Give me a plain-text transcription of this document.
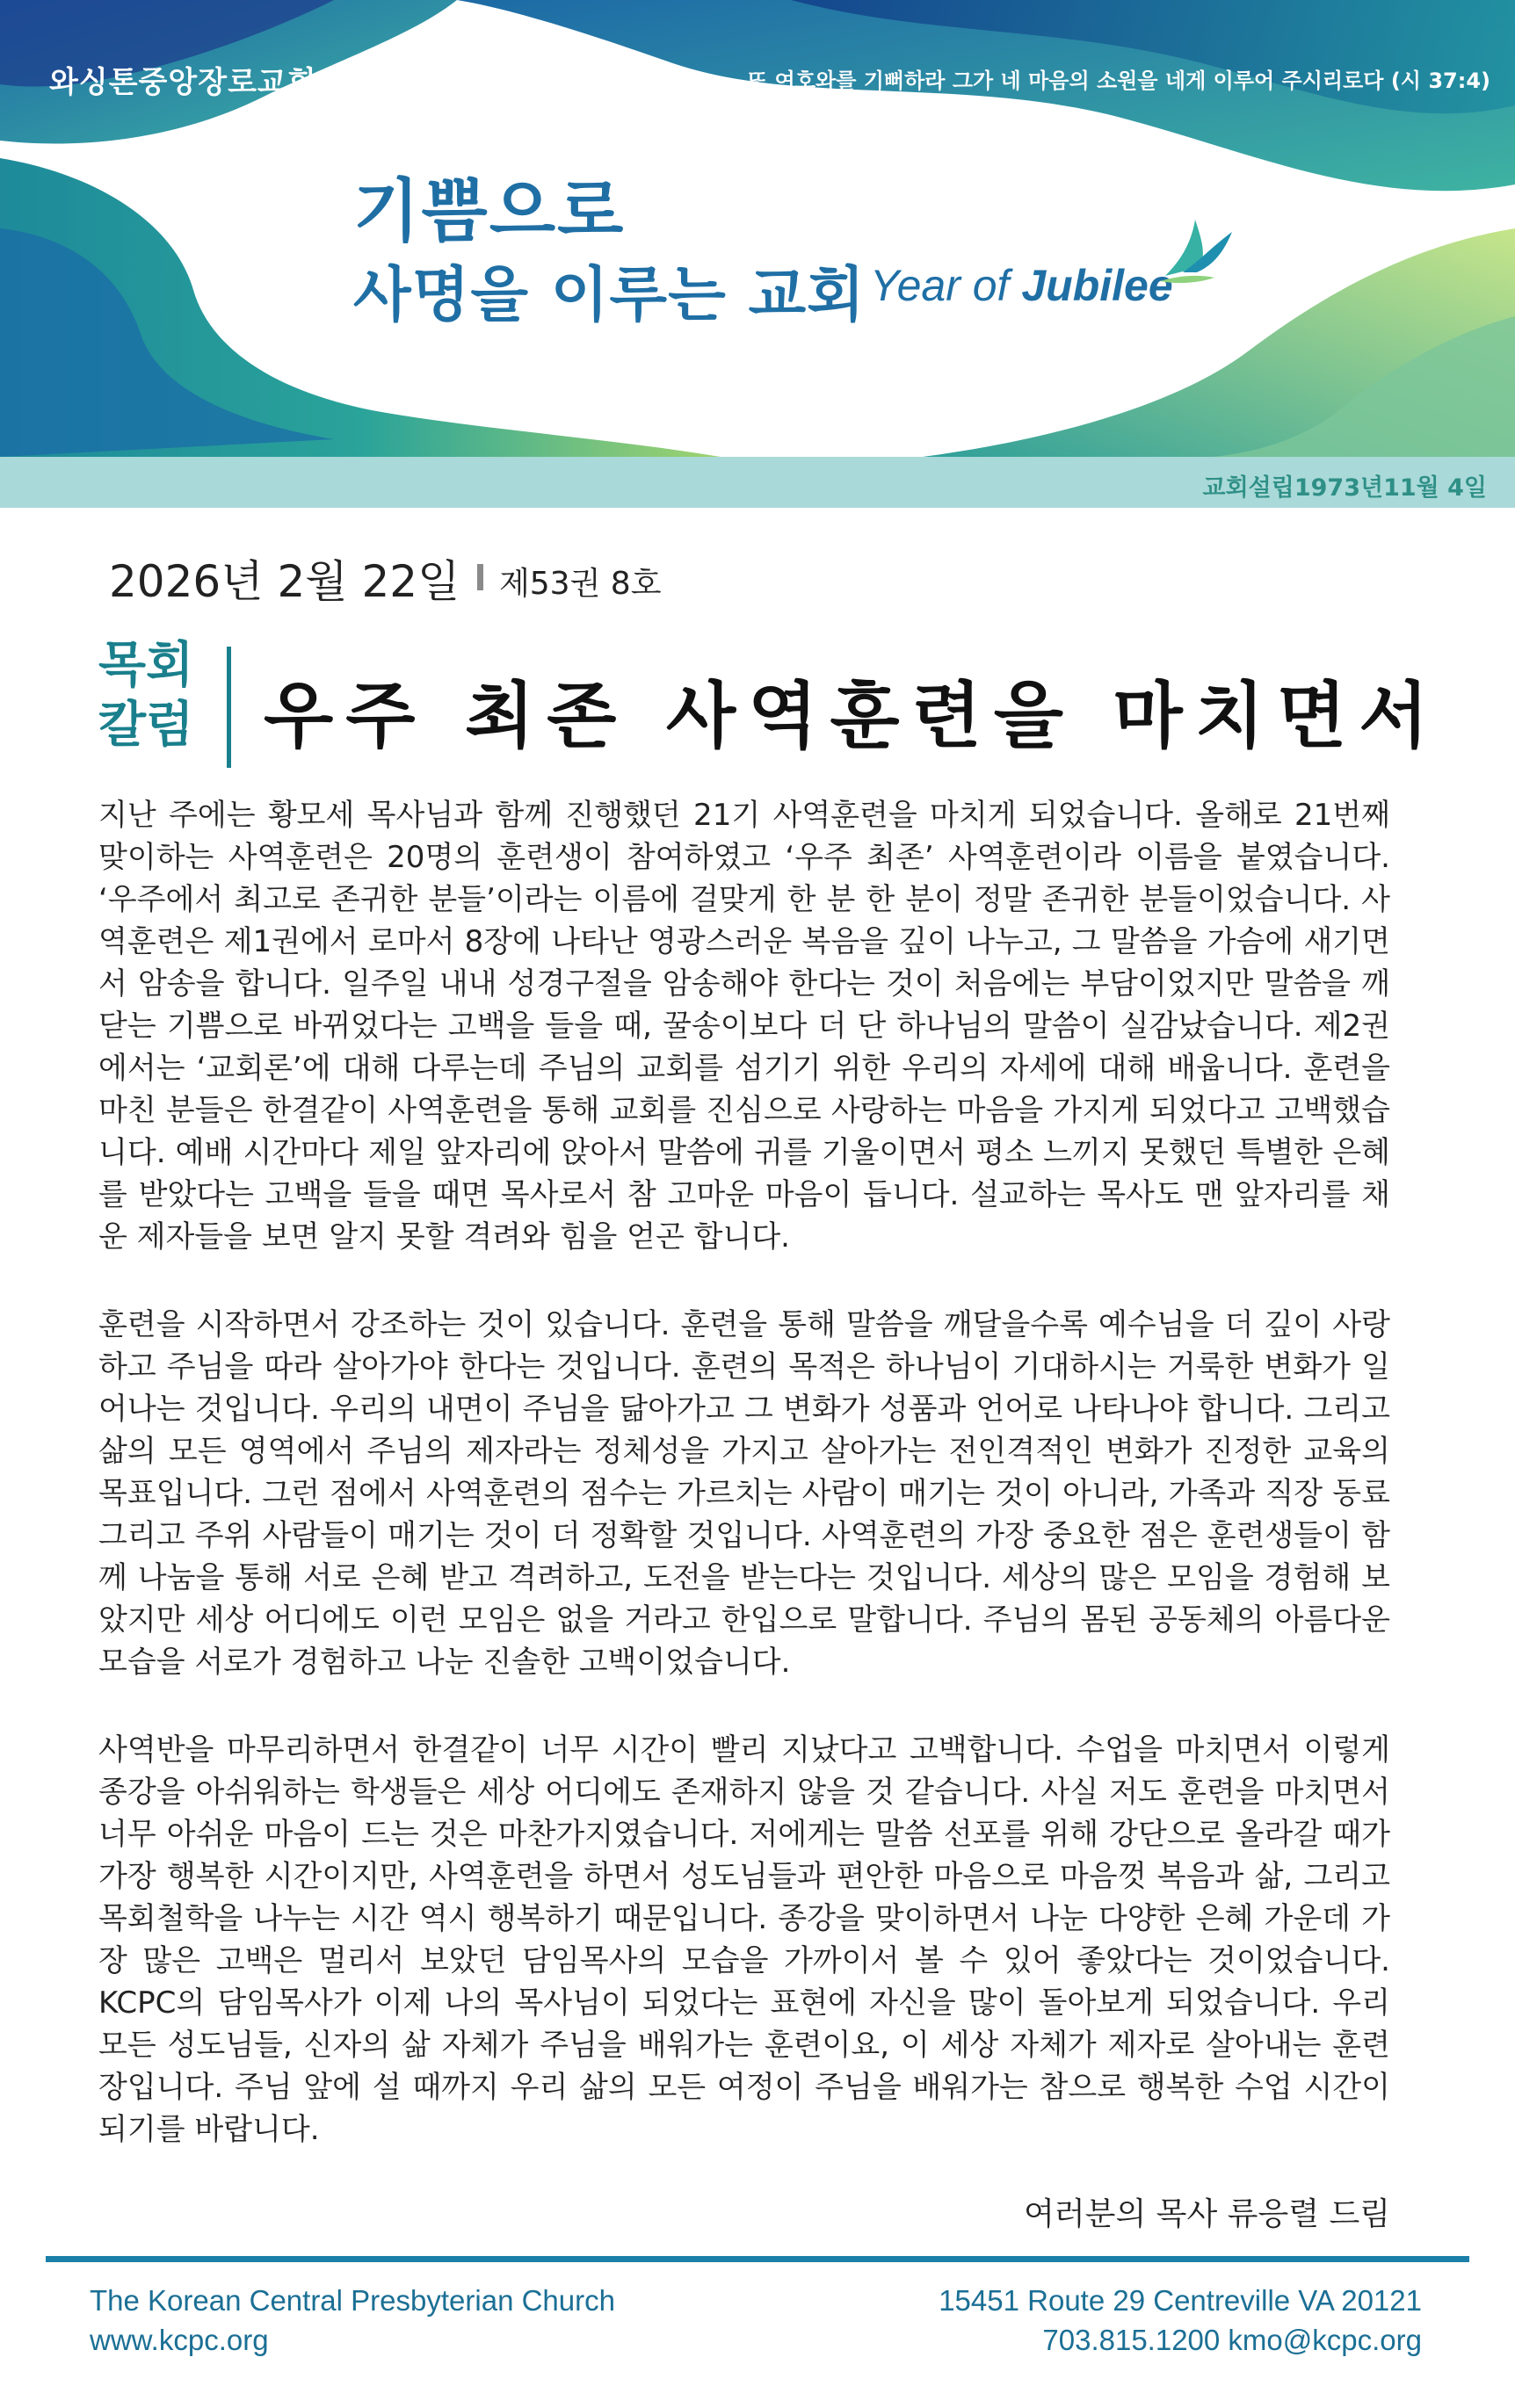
와싱톤중앙장로교회	또 여호와를 기뻐하라 그가 네 마음의 소원을 네게 이루어 주시리로다 (시 37:4)
기쁨으로
사명을 이루는 교회 Year of Jubilee
교회설립1973년11월 4일
2026년 2월 22일 제53권 8호
목회
칼럼 우주 최존 사역훈련을 마치면서

지난 주에는 황모세 목사님과 함께 진행했던 21기 사역훈련을 마치게 되었습니다. 올해로 21번째 맞이하는 사역훈련은 20명의 훈련생이 참여하였고 ‘우주 최존’ 사역훈련이라 이름을 붙였습니다. ‘우주에서 최고로 존귀한 분들’이라는 이름에 걸맞게 한 분 한 분이 정말 존귀한 분들이었습니다. 사역훈련은 제1권에서 로마서 8장에 나타난 영광스러운 복음을 깊이 나누고, 그 말씀을 가슴에 새기면서 암송을 합니다. 일주일 내내 성경구절을 암송해야 한다는 것이 처음에는 부담이었지만 말씀을 깨닫는 기쁨으로 바뀌었다는 고백을 들을 때, 꿀송이보다 더 단 하나님의 말씀이 실감났습니다. 제2권에서는 ‘교회론’에 대해 다루는데 주님의 교회를 섬기기 위한 우리의 자세에 대해 배웁니다. 훈련을 마친 분들은 한결같이 사역훈련을 통해 교회를 진심으로 사랑하는 마음을 가지게 되었다고 고백했습니다. 예배 시간마다 제일 앞자리에 앉아서 말씀에 귀를 기울이면서 평소 느끼지 못했던 특별한 은혜를 받았다는 고백을 들을 때면 목사로서 참 고마운 마음이 듭니다. 설교하는 목사도 맨 앞자리를 채운 제자들을 보면 알지 못할 격려와 힘을 얻곤 합니다.

훈련을 시작하면서 강조하는 것이 있습니다. 훈련을 통해 말씀을 깨달을수록 예수님을 더 깊이 사랑하고 주님을 따라 살아가야 한다는 것입니다. 훈련의 목적은 하나님이 기대하시는 거룩한 변화가 일어나는 것입니다. 우리의 내면이 주님을 닮아가고 그 변화가 성품과 언어로 나타나야 합니다. 그리고 삶의 모든 영역에서 주님의 제자라는 정체성을 가지고 살아가는 전인격적인 변화가 진정한 교육의 목표입니다. 그런 점에서 사역훈련의 점수는 가르치는 사람이 매기는 것이 아니라, 가족과 직장 동료 그리고 주위 사람들이 매기는 것이 더 정확할 것입니다. 사역훈련의 가장 중요한 점은 훈련생들이 함께 나눔을 통해 서로 은혜 받고 격려하고, 도전을 받는다는 것입니다. 세상의 많은 모임을 경험해 보았지만 세상 어디에도 이런 모임은 없을 거라고 한입으로 말합니다. 주님의 몸된 공동체의 아름다운 모습을 서로가 경험하고 나눈 진솔한 고백이었습니다.

사역반을 마무리하면서 한결같이 너무 시간이 빨리 지났다고 고백합니다. 수업을 마치면서 이렇게 종강을 아쉬워하는 학생들은 세상 어디에도 존재하지 않을 것 같습니다. 사실 저도 훈련을 마치면서 너무 아쉬운 마음이 드는 것은 마찬가지였습니다. 저에게는 말씀 선포를 위해 강단으로 올라갈 때가 가장 행복한 시간이지만, 사역훈련을 하면서 성도님들과 편안한 마음으로 마음껏 복음과 삶, 그리고 목회철학을 나누는 시간 역시 행복하기 때문입니다. 종강을 맞이하면서 나눈 다양한 은혜 가운데 가장 많은 고백은 멀리서 보았던 담임목사의 모습을 가까이서 볼 수 있어 좋았다는 것이었습니다. KCPC의 담임목사가 이제 나의 목사님이 되었다는 표현에 자신을 많이 돌아보게 되었습니다. 우리 모든 성도님들, 신자의 삶 자체가 주님을 배워가는 훈련이요, 이 세상 자체가 제자로 살아내는 훈련장입니다. 주님 앞에 설 때까지 우리 삶의 모든 여정이 주님을 배워가는 참으로 행복한 수업 시간이 되기를 바랍니다.

여러분의 목사 류응렬 드림
The Korean Central Presbyterian Church
www.kcpc.org
15451 Route 29 Centreville VA 20121
703.815.1200 kmo@kcpc.org
